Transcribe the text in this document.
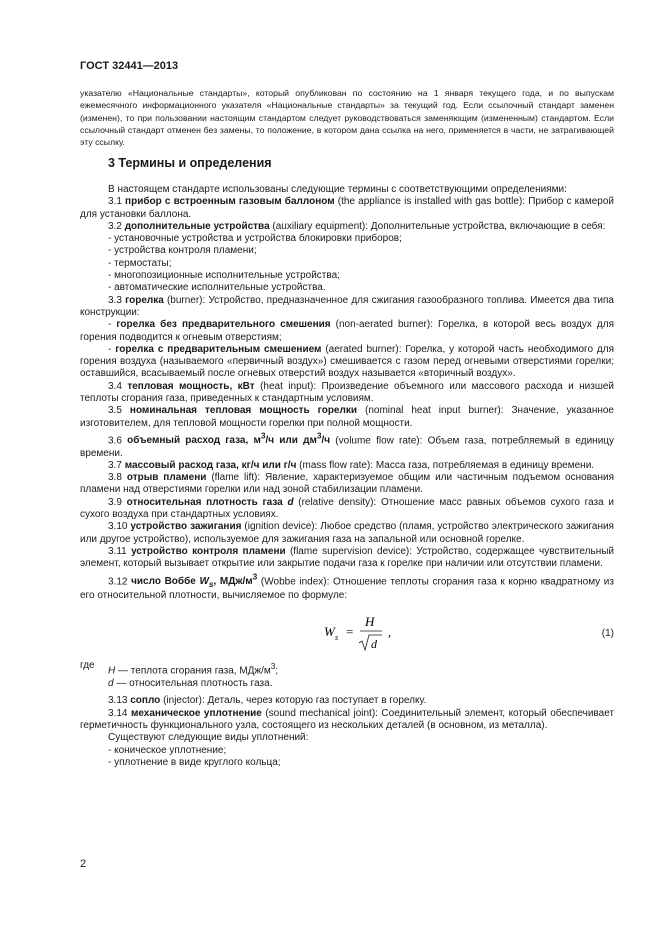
ГОСТ 32441—2013
указателю «Национальные стандарты», который опубликован по состоянию на 1 января текущего года, и по выпускам ежемесячного информационного указателя «Национальные стандарты» за текущий год. Если ссылочный стандарт заменен (изменен), то при пользовании настоящим стандартом следует руководствоваться заменяющим (измененным) стандартом. Если ссылочный стандарт отменен без замены, то положение, в котором дана ссылка на него, применяется в части, не затрагивающей эту ссылку.
3 Термины и определения

В настоящем стандарте использованы следующие термины с соответствующими определениями:

3.1 прибор с встроенным газовым баллоном (the appliance is installed with gas bottle): Прибор с камерой для установки баллона.

3.2 дополнительные устройства (auxiliary equipment): Дополнительные устройства, включающие в себя:

- установочные устройства и устройства блокировки приборов;

- устройства контроля пламени;

- термостаты;

- многопозиционные исполнительные устройства;

- автоматические исполнительные устройства.

3.3 горелка (burner): Устройство, предназначенное для сжигания газообразного топлива. Имеется два типа конструкции:

- горелка без предварительного смешения (non-aerated burner): Горелка, в которой весь воздух для горения подводится к огневым отверстиям;

- горелка с предварительным смешением (aerated burner): Горелка, у которой часть необходимого для горения воздуха (называемого «первичный воздух») смешивается с газом перед огневыми отверстиями горелки; оставшийся, всасываемый после огневых отверстий воздух называется «вторичный воздух».

3.4 тепловая мощность, кВт (heat input): Произведение объемного или массового расхода и низшей теплоты сгорания газа, приведенных к стандартным условиям.

3.5 номинальная тепловая мощность горелки (nominal heat input burner): Значение, указанное изготовителем, для тепловой мощности горелки при полной мощности.

3.6 объемный расход газа, $м^3/ч$ или $дм^3/ч$ (volume flow rate): Объем газа, потребляемый в единицу времени.

3.7 массовый расход газа, кг/ч или г/ч (mass flow rate): Масса газа, потребляемая в единицу времени.

3.8 отрыв пламени (flame lift): Явление, характеризуемое общим или частичным подъемом основания пламени над отверстиями горелки или над зоной стабилизации пламени.

3.9 относительная плотность газа d (relative density): Отношение масс равных объемов сухого газа и сухого воздуха при стандартных условиях.

3.10 устройство зажигания (ignition device): Любое средство (пламя, устройство электрического зажигания или другое устройство), используемое для зажигания газа на запальной или основной горелке.

3.11 устройство контроля пламени (flame supervision device): Устройство, содержащее чувствительный элемент, который вызывает открытие или закрытие подачи газа к горелке при наличии или отсутствии пламени.

3.12 число Воббе $W_s$, МДж/$м^3$ (Wobbe index): Отношение теплоты сгорания газа к корню квадратному из его относительной плотности, вычисляемое по формуле:

W s =
H
d
,	(1)

где H — теплота сгорания газа, МДж/$м^3$;

d — относительная плотность газа.

3.13 сопло (injector): Деталь, через которую газ поступает в горелку.

3.14 механическое уплотнение (sound mechanical joint): Соединительный элемент, который обеспечивает герметичность функционального узла, состоящего из нескольких деталей (в основном, из металла).

Существуют следующие виды уплотнений:

- коническое уплотнение;

- уплотнение в виде круглого кольца;

2
